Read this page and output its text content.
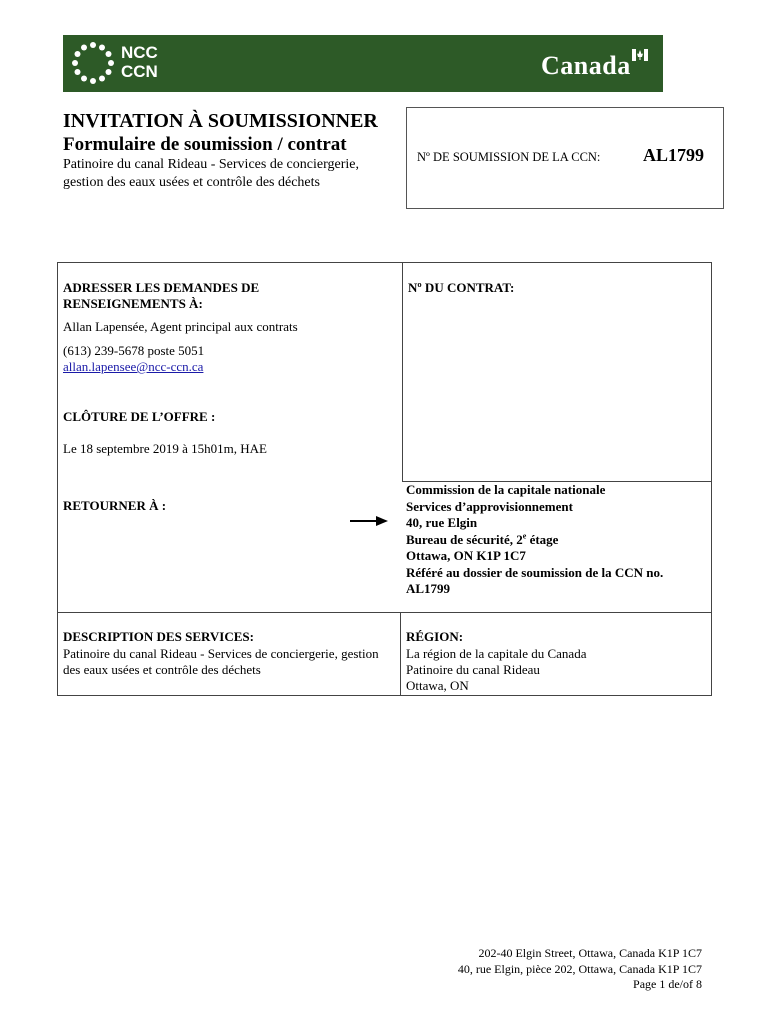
NCC
CCN	Canada
INVITATION À SOUMISSIONNER
Formulaire de soumission / contrat
Patinoire du canal Rideau - Services de conciergerie, gestion des eaux usées et contrôle des déchets
Nº DE SOUMISSION DE LA CCN: AL1799
ADRESSER LES DEMANDES DE RENSEIGNEMENTS À:
Allan Lapensée, Agent principal aux contrats
(613) 239-5678 poste 5051
allan.lapensee@ncc-ccn.ca
Nº DU CONTRAT:
CLÔTURE DE L’OFFRE :
Le 18 septembre 2019 à 15h01m, HAE
RETOURNER À :
Commission de la capitale nationale
Services d’approvisionnement
40, rue Elgin
Bureau de sécurité, 2e étage
Ottawa, ON K1P 1C7
Référé au dossier de soumission de la CCN no.
AL1799
DESCRIPTION DES SERVICES:
Patinoire du canal Rideau - Services de conciergerie, gestion des eaux usées et contrôle des déchets
RÉGION:
La région de la capitale du Canada
Patinoire du canal Rideau
Ottawa, ON
202-40 Elgin Street, Ottawa, Canada K1P 1C7
40, rue Elgin, pièce 202, Ottawa, Canada K1P 1C7
Page 1 de/of 8
